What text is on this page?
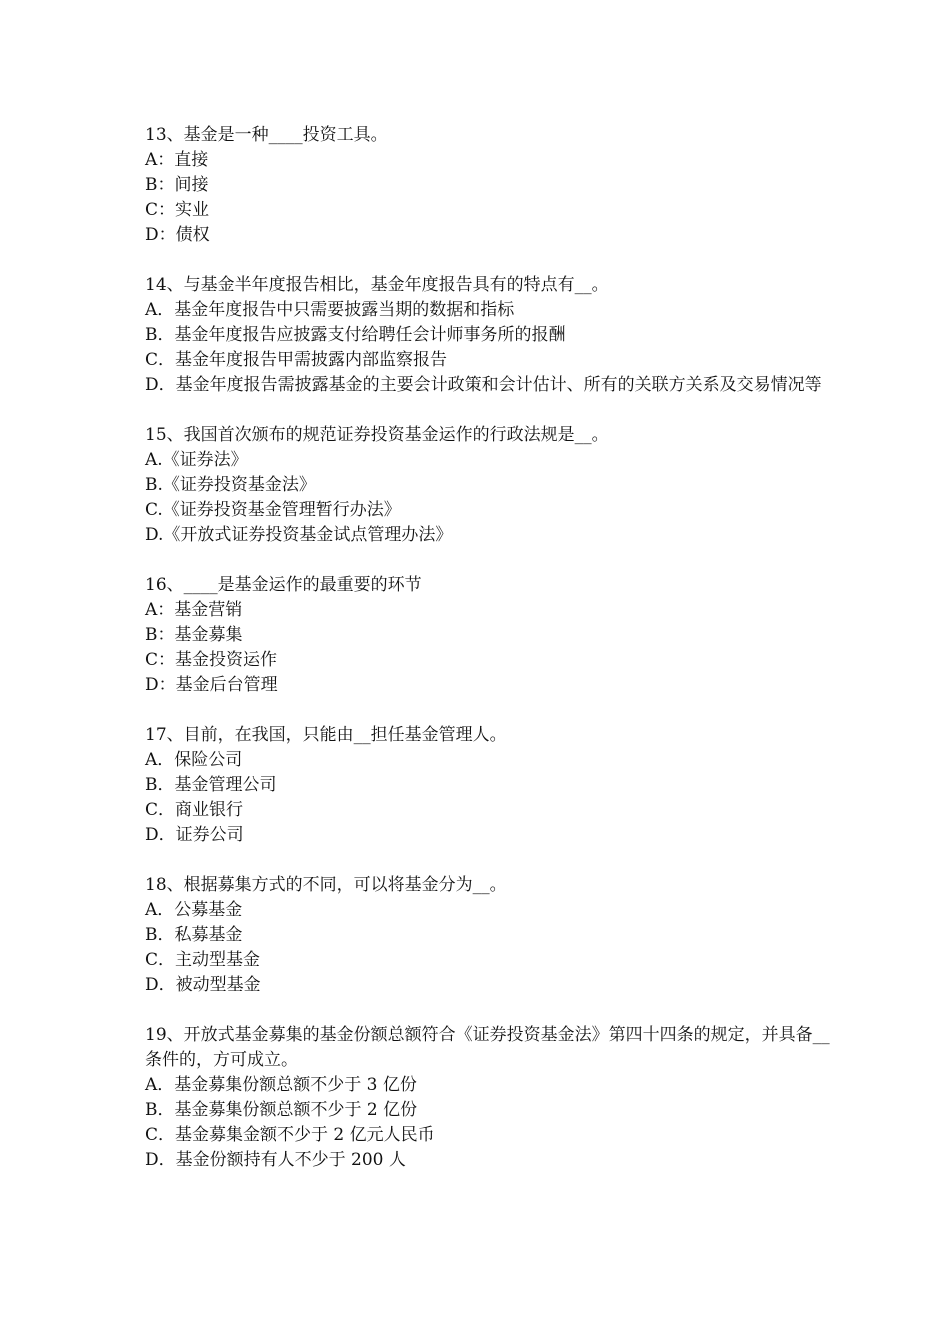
13、基金是一种____投资工具。
A：直接
B：间接
C：实业
D：债权
14、与基金半年度报告相比，基金年度报告具有的特点有__。
A．基金年度报告中只需要披露当期的数据和指标
B．基金年度报告应披露支付给聘任会计师事务所的报酬
C．基金年度报告甲需披露内部监察报告
D．基金年度报告需披露基金的主要会计政策和会计估计、所有的关联方关系及交易情况等
15、我国首次颁布的规范证券投资基金运作的行政法规是__。
A.《证券法》
B.《证券投资基金法》
C.《证券投资基金管理暂行办法》
D.《开放式证券投资基金试点管理办法》
16、____是基金运作的最重要的环节
A：基金营销
B：基金募集
C：基金投资运作
D：基金后台管理
17、目前，在我国，只能由__担任基金管理人。
A．保险公司
B．基金管理公司
C．商业银行
D．证券公司
18、根据募集方式的不同，可以将基金分为__。
A．公募基金
B．私募基金
C．主动型基金
D．被动型基金
19、开放式基金募集的基金份额总额符合《证券投资基金法》第四十四条的规定，并具备__条件的，方可成立。
A．基金募集份额总额不少于 3 亿份
B．基金募集份额总额不少于 2 亿份
C．基金募集金额不少于 2 亿元人民币
D．基金份额持有人不少于 200 人
